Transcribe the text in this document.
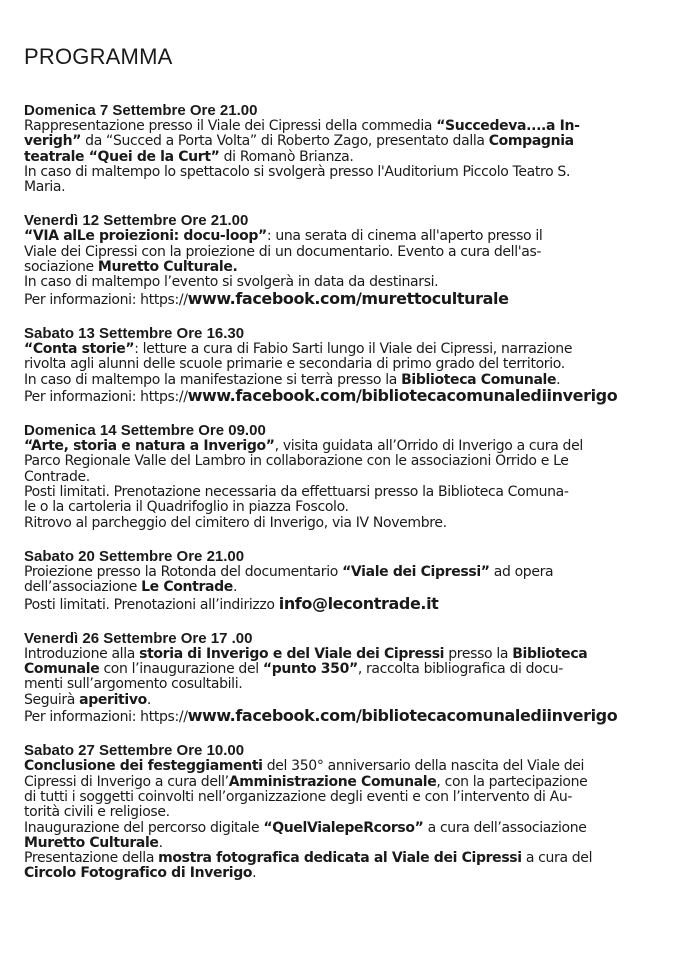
PROGRAMMA
Domenica 7 Settembre Ore 21.00
Rappresentazione presso il Viale dei Cipressi della commedia “Succedeva....a In-
verigh” da “Succed a Porta Volta” di Roberto Zago, presentato dalla Compagnia
teatrale “Quei de la Curt” di Romanò Brianza.
In caso di maltempo lo spettacolo si svolgerà presso l'Auditorium Piccolo Teatro S.
Maria.
Venerdì 12 Settembre Ore 21.00
“VIA alLe proiezioni: docu-loop”: una serata di cinema all'aperto presso il
Viale dei Cipressi con la proiezione di un documentario. Evento a cura dell'as-
sociazione Muretto Culturale.
In caso di maltempo l’evento si svolgerà in data da destinarsi.
Per informazioni: https://www.facebook.com/murettoculturale
Sabato 13 Settembre Ore 16.30
“Conta storie”: letture a cura di Fabio Sarti lungo il Viale dei Cipressi, narrazione
rivolta agli alunni delle scuole primarie e secondaria di primo grado del territorio.
In caso di maltempo la manifestazione si terrà presso la Biblioteca Comunale.
Per informazioni: https://www.facebook.com/bibliotecacomunalediinverigo
Domenica 14 Settembre Ore 09.00
“Arte, storia e natura a Inverigo”, visita guidata all’Orrido di Inverigo a cura del
Parco Regionale Valle del Lambro in collaborazione con le associazioni Orrido e Le
Contrade.
Posti limitati. Prenotazione necessaria da effettuarsi presso la Biblioteca Comuna-
le o la cartoleria il Quadrifoglio in piazza Foscolo.
Ritrovo al parcheggio del cimitero di Inverigo, via IV Novembre.
Sabato 20 Settembre Ore 21.00
Proiezione presso la Rotonda del documentario “Viale dei Cipressi” ad opera
dell’associazione Le Contrade.
Posti limitati. Prenotazioni all’indirizzo info@lecontrade.it
Venerdì 26 Settembre Ore 17 .00
Introduzione alla storia di Inverigo e del Viale dei Cipressi presso la Biblioteca
Comunale con l’inaugurazione del “punto 350”, raccolta bibliografica di docu-
menti sull’argomento cosultabili.
Seguirà aperitivo.
Per informazioni: https://www.facebook.com/bibliotecacomunalediinverigo
Sabato 27 Settembre Ore 10.00
Conclusione dei festeggiamenti del 350° anniversario della nascita del Viale dei
Cipressi di Inverigo a cura dell’Amministrazione Comunale, con la partecipazione
di tutti i soggetti coinvolti nell’organizzazione degli eventi e con l’intervento di Au-
torità civili e religiose.
Inaugurazione del percorso digitale “QuelVialepeRcorso” a cura dell’associazione
Muretto Culturale.
Presentazione della mostra fotografica dedicata al Viale dei Cipressi a cura del
Circolo Fotografico di Inverigo.
